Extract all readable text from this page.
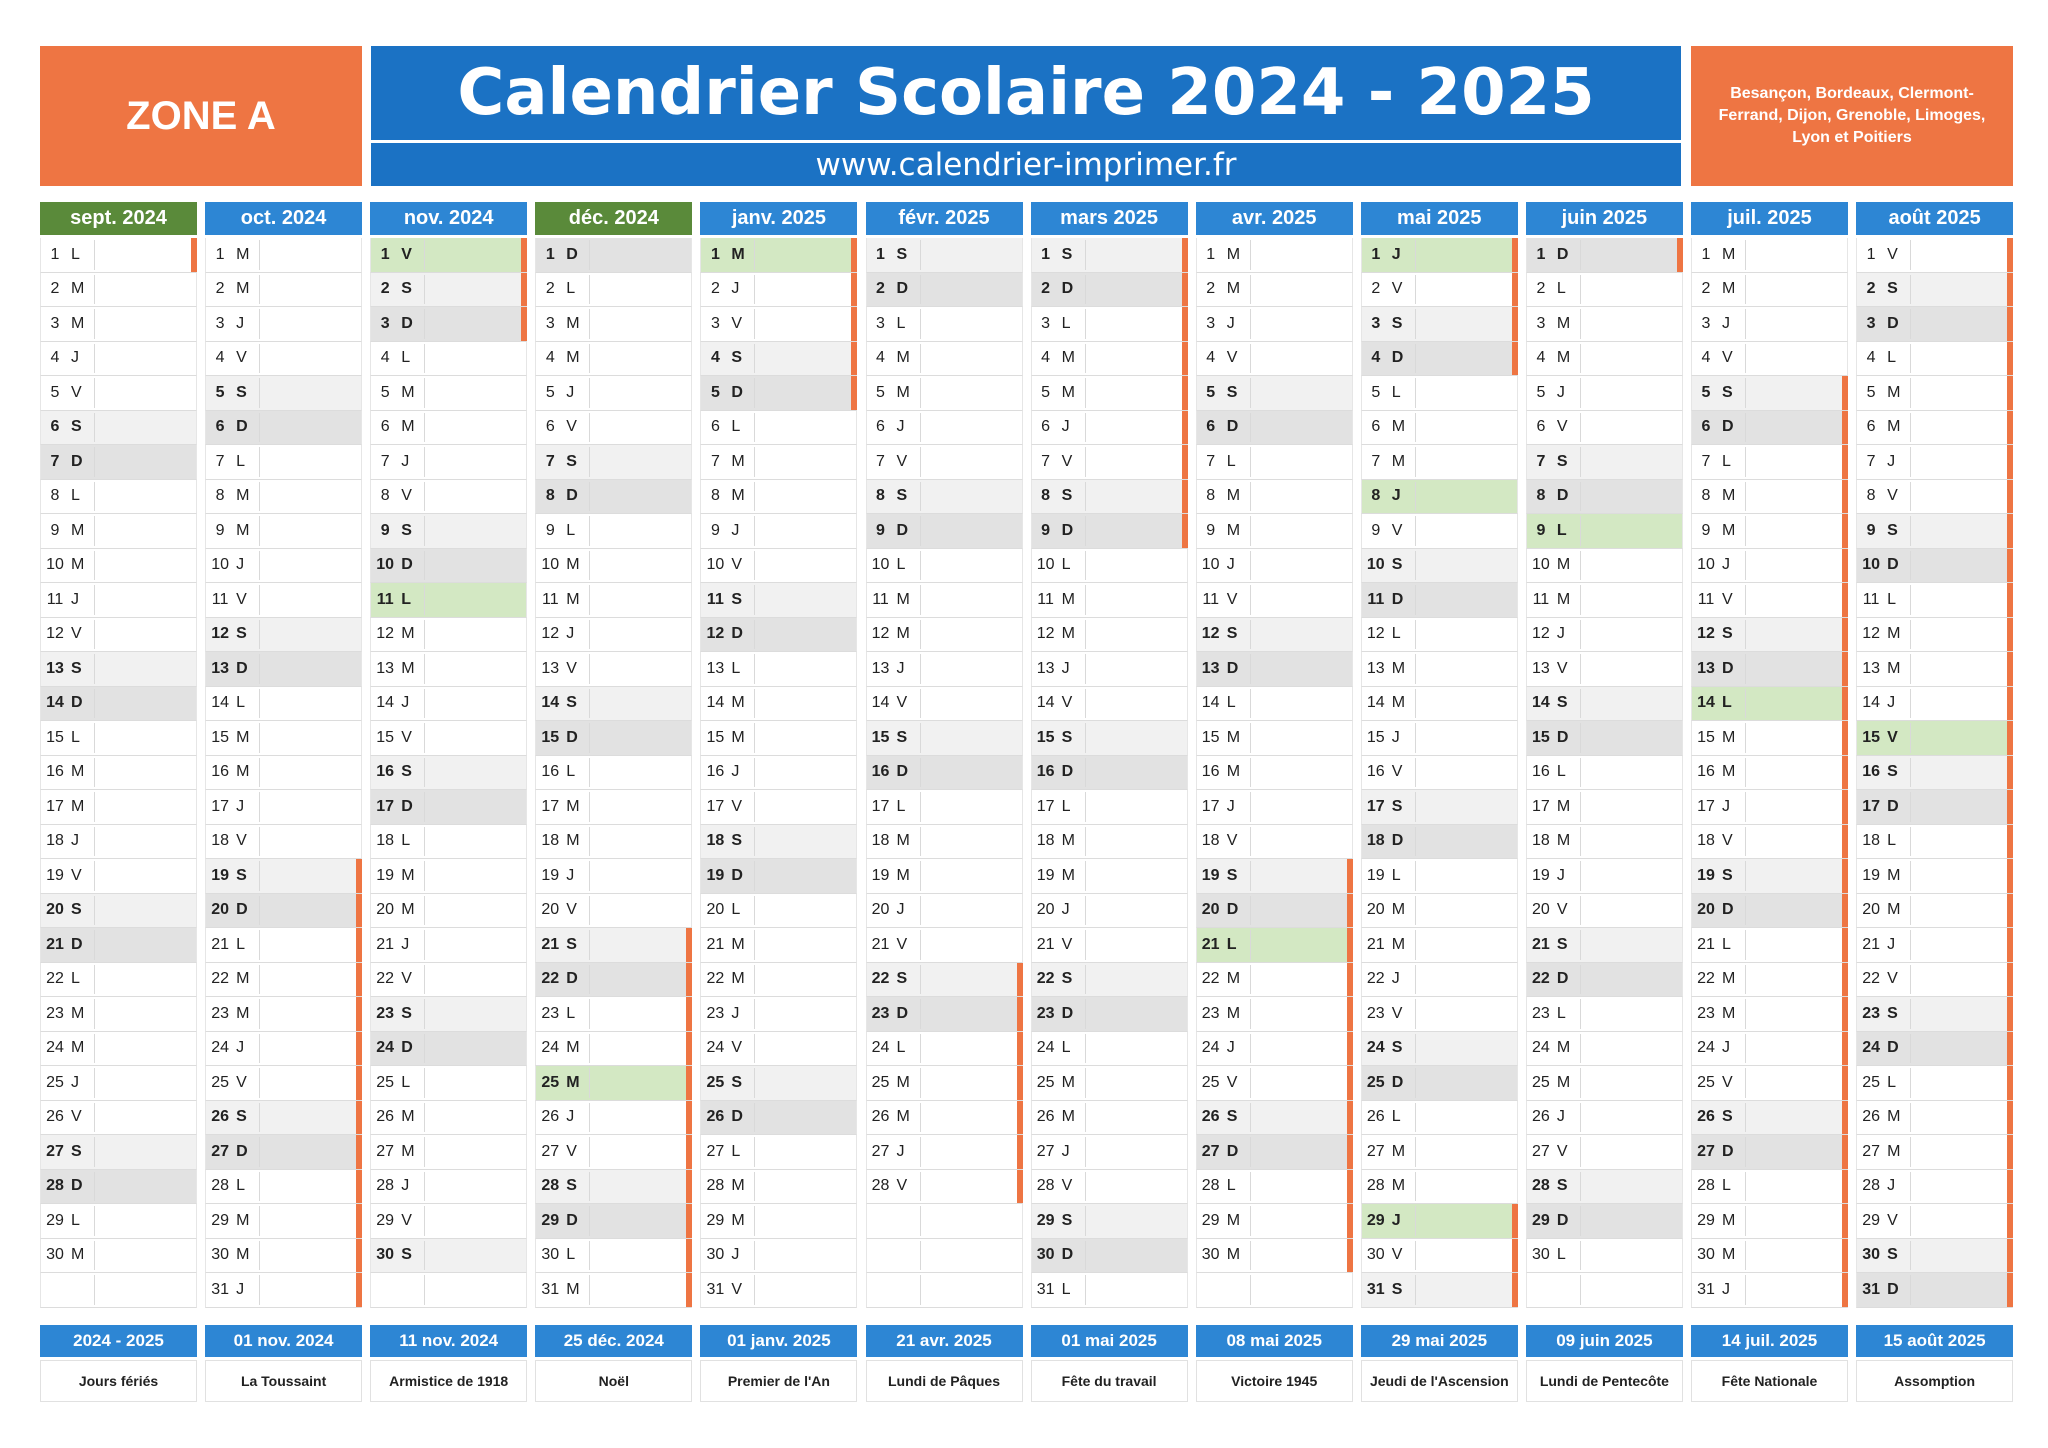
ZONE A	Calendrier Scolaire 2024 - 2025
www.calendrier-imprimer.fr
Besançon, Bordeaux, Clermont-Ferrand, Dijon, Grenoble, Limoges, Lyon et Poitiers
sept. 2024
1 L
2 M
3 M
4 J
5 V
6 S
7 D
8 L
9 M
10 M
11 J
12 V
13 S
14 D
15 L
16 M
17 M
18 J
19 V
20 S
21 D
22 L
23 M
24 M
25 J
26 V
27 S
28 D
29 L
30 M
oct. 2024
1 M
2 M
3 J
4 V
5 S
6 D
7 L
8 M
9 M
10 J
11 V
12 S
13 D
14 L
15 M
16 M
17 J
18 V
19 S
20 D
21 L
22 M
23 M
24 J
25 V
26 S
27 D
28 L
29 M
30 M
31 J
nov. 2024
1 V
2 S
3 D
4 L
5 M
6 M
7 J
8 V
9 S
10 D
11 L
12 M
13 M
14 J
15 V
16 S
17 D
18 L
19 M
20 M
21 J
22 V
23 S
24 D
25 L
26 M
27 M
28 J
29 V
30 S
déc. 2024
1 D
2 L
3 M
4 M
5 J
6 V
7 S
8 D
9 L
10 M
11 M
12 J
13 V
14 S
15 D
16 L
17 M
18 M
19 J
20 V
21 S
22 D
23 L
24 M
25 M
26 J
27 V
28 S
29 D
30 L
31 M
janv. 2025
1 M
2 J
3 V
4 S
5 D
6 L
7 M
8 M
9 J
10 V
11 S
12 D
13 L
14 M
15 M
16 J
17 V
18 S
19 D
20 L
21 M
22 M
23 J
24 V
25 S
26 D
27 L
28 M
29 M
30 J
31 V
févr. 2025
1 S
2 D
3 L
4 M
5 M
6 J
7 V
8 S
9 D
10 L
11 M
12 M
13 J
14 V
15 S
16 D
17 L
18 M
19 M
20 J
21 V
22 S
23 D
24 L
25 M
26 M
27 J
28 V
mars 2025
1 S
2 D
3 L
4 M
5 M
6 J
7 V
8 S
9 D
10 L
11 M
12 M
13 J
14 V
15 S
16 D
17 L
18 M
19 M
20 J
21 V
22 S
23 D
24 L
25 M
26 M
27 J
28 V
29 S
30 D
31 L
avr. 2025
1 M
2 M
3 J
4 V
5 S
6 D
7 L
8 M
9 M
10 J
11 V
12 S
13 D
14 L
15 M
16 M
17 J
18 V
19 S
20 D
21 L
22 M
23 M
24 J
25 V
26 S
27 D
28 L
29 M
30 M
mai 2025
1 J
2 V
3 S
4 D
5 L
6 M
7 M
8 J
9 V
10 S
11 D
12 L
13 M
14 M
15 J
16 V
17 S
18 D
19 L
20 M
21 M
22 J
23 V
24 S
25 D
26 L
27 M
28 M
29 J
30 V
31 S
juin 2025
1 D
2 L
3 M
4 M
5 J
6 V
7 S
8 D
9 L
10 M
11 M
12 J
13 V
14 S
15 D
16 L
17 M
18 M
19 J
20 V
21 S
22 D
23 L
24 M
25 M
26 J
27 V
28 S
29 D
30 L
juil. 2025
1 M
2 M
3 J
4 V
5 S
6 D
7 L
8 M
9 M
10 J
11 V
12 S
13 D
14 L
15 M
16 M
17 J
18 V
19 S
20 D
21 L
22 M
23 M
24 J
25 V
26 S
27 D
28 L
29 M
30 M
31 J
août 2025
1 V
2 S
3 D
4 L
5 M
6 M
7 J
8 V
9 S
10 D
11 L
12 M
13 M
14 J
15 V
16 S
17 D
18 L
19 M
20 M
21 J
22 V
23 S
24 D
25 L
26 M
27 M
28 J
29 V
30 S
31 D
2024 - 2025
Jours fériés
01 nov. 2024
La Toussaint
11 nov. 2024
Armistice de 1918
25 déc. 2024
Noël
01 janv. 2025
Premier de l'An
21 avr. 2025
Lundi de Pâques
01 mai 2025
Fête du travail
08 mai 2025
Victoire 1945
29 mai 2025
Jeudi de l'Ascension
09 juin 2025
Lundi de Pentecôte
14 juil. 2025
Fête Nationale
15 août 2025
Assomption
